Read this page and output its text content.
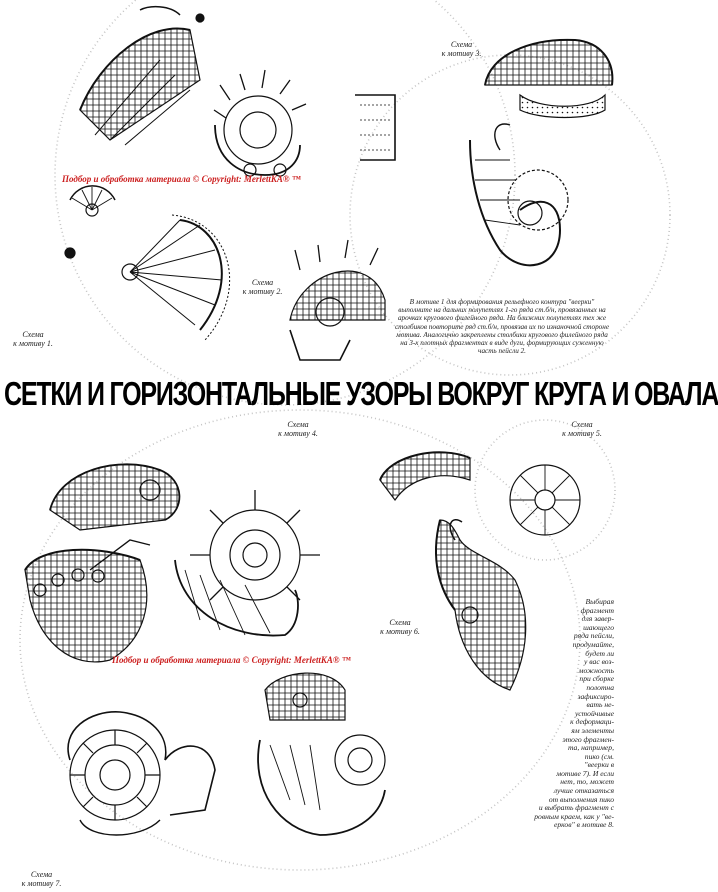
Схема
к мотиву 1.
Схема
к мотиву 2.
Схема
к мотиву 3.
Схема
к мотиву 4.
Схема
к мотиву 5.
Схема
к мотиву 6.
Схема
к мотиву 7.
Подбор и обработка материала © Copyright: MerlettKA® ™
Подбор и обработка материала © Copyright: MerlettKA® ™
В мотиве 1 для формирования рельефного контура "веерки" выполните на дальних полупетлях 1-го ряда ст.б/н, провязанных на арочках кругового филейного ряда. На ближних полупетлях тех же столбиков повторите ряд ст.б/н, провязав их по изнаночной стороне мотива. Аналогично закреплены столбики кругового филейного ряда на 3-х плотных фрагментах в виде дуги, формирующих суженную часть пейсли 2.
СЕТКИ И ГОРИЗОНТАЛЬНЫЕ УЗОРЫ ВОКРУГ КРУГА И ОВАЛА
Выбирая
фрагмент
для завер-
шающего
ряда пейсли,
продумайте,
будет ли
у вас воз-
можность
при сборке
полотна
зафиксиро-
вать не-
устойчивые
к деформаци-
ям элементы
этого фрагмен-
та, например,
пико (см.
"веерки в
мотиве 7). И если
нет, то, может
лучше отказаться
от выполнения пико
и выбрать фрагмент с
ровным краем, как у "ве-
ерков" в мотиве 8.
